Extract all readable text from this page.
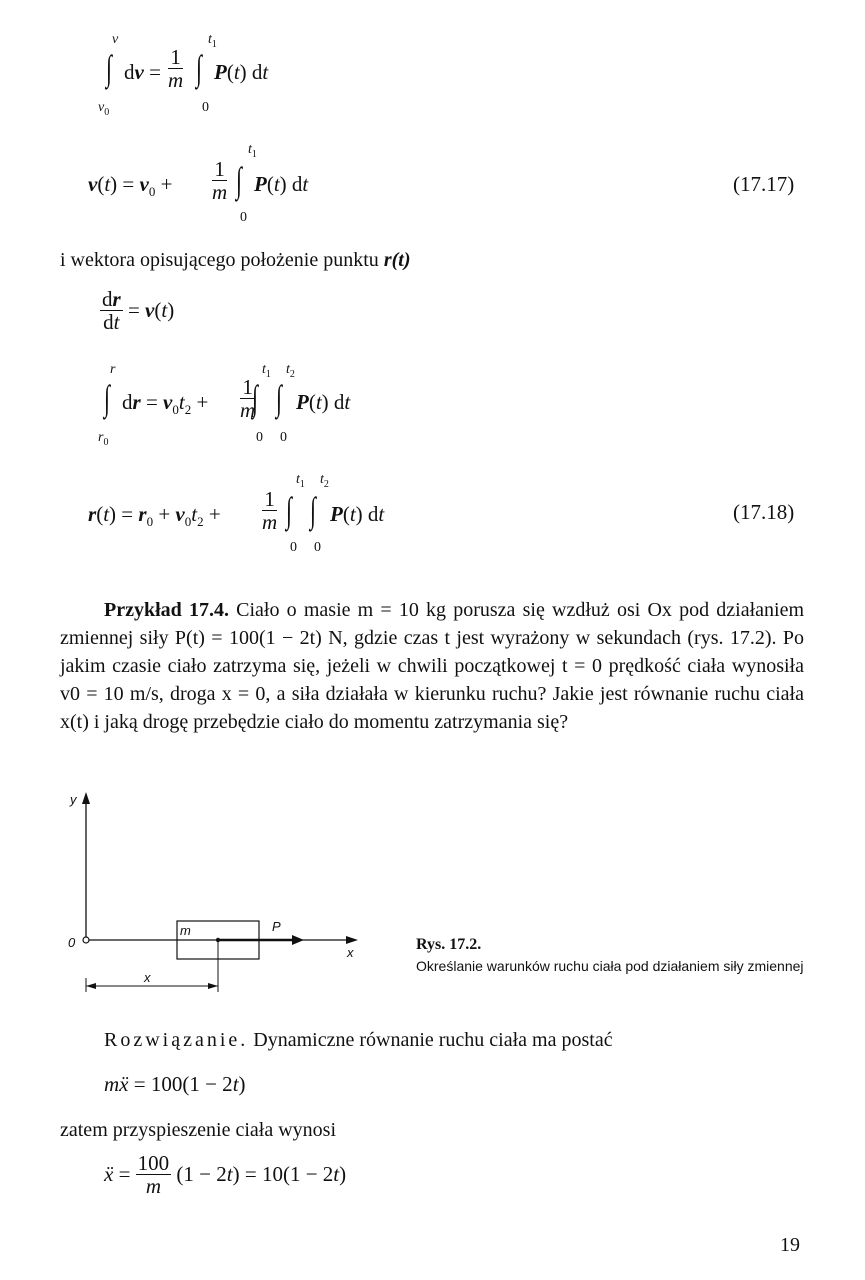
v
$v_0$
∫ dv = $\frac{1}{m}$
$t_1$
0
∫ P(t) dt
$v(t) = v_0 + \frac{1}{m}$
$t_1$
0
∫ P(t) dt	(17.17)
i wektora opisującego położenie punktu r(t)
$\frac{dr}{dt} = v(t)$
r
$r_0$
∫ dr = $v_0t_2 + \frac{1}{m}$
$t_1$ $t_2$
0 0
∫ ∫ P(t) dt
$r(t) = r_0 + v_0t_2 + \frac{1}{m}$
$t_1$ $t_2$
0 0
∫ ∫ P(t) dt	(17.18)
Przykład 17.4. Ciało o masie m = 10 kg porusza się wzdłuż osi Ox pod działaniem zmiennej siły P(t) = 100(1 − 2t) N, gdzie czas t jest wyrażony w sekundach (rys. 17.2). Po jakim czasie ciało zatrzyma się, jeżeli w chwili początkowej t = 0 prędkość ciała wynosiła v0 = 10 m/s, droga x = 0, a siła działała w kierunku ruchu? Jakie jest równanie ruchu ciała x(t) i jaką drogę przebędzie ciało do momentu zatrzymania się?
y
0
m	P
x
x
Rys. 17.2.
Określanie warunków ruchu ciała pod działaniem siły zmiennej
Rozwiązanie. Dynamiczne równanie ruchu ciała ma postać
mẍ = 100(1 − 2t)
zatem przyspieszenie ciała wynosi
ẍ = $\frac{100}{m} (1 - 2t) = 10(1 - 2t)$
19
